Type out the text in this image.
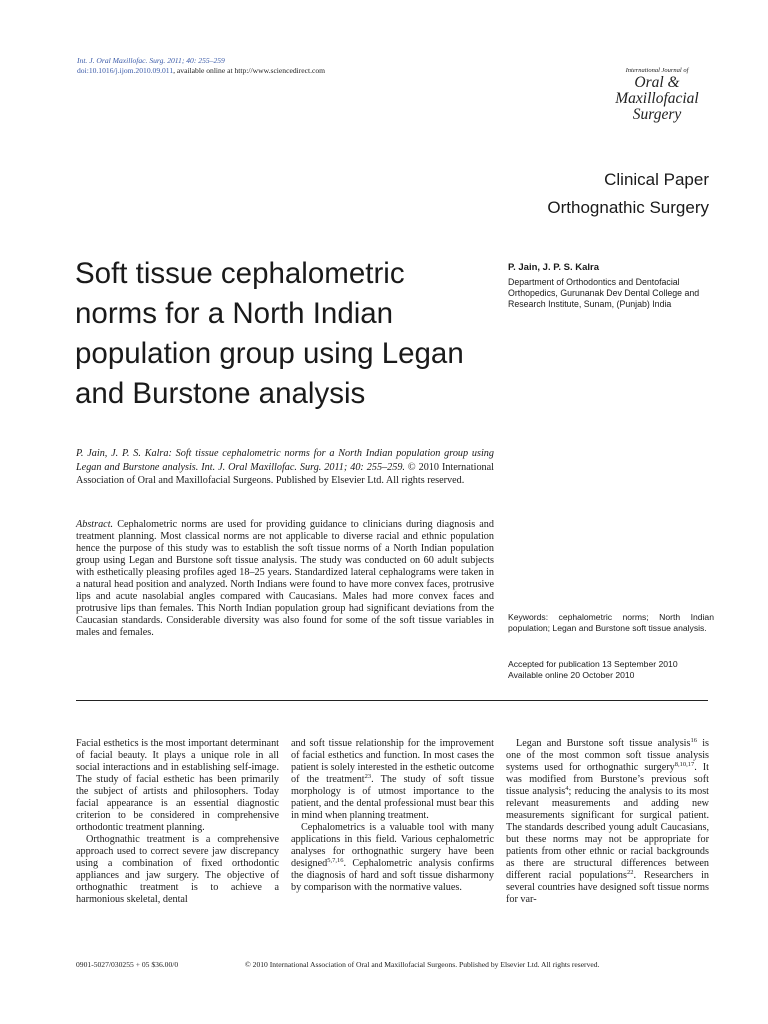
Int. J. Oral Maxillofac. Surg. 2011; 40: 255–259
doi:10.1016/j.ijom.2010.09.011, available online at http://www.sciencedirect.com	International Journal of
Oral &
Maxillofacial
Surgery
Clinical Paper
Orthognathic Surgery
Soft tissue cephalometric norms for a North Indian population group using Legan and Burstone analysis
P. Jain, J. P. S. Kalra
Department of Orthodontics and Dentofacial Orthopedics, Gurunanak Dev Dental College and Research Institute, Sunam, (Punjab) India
P. Jain, J. P. S. Kalra: Soft tissue cephalometric norms for a North Indian population group using Legan and Burstone analysis. Int. J. Oral Maxillofac. Surg. 2011; 40: 255–259. © 2010 International Association of Oral and Maxillofacial Surgeons. Published by Elsevier Ltd. All rights reserved.
Abstract. Cephalometric norms are used for providing guidance to clinicians during diagnosis and treatment planning. Most classical norms are not applicable to diverse racial and ethnic population hence the purpose of this study was to establish the soft tissue norms of a North Indian population group using Legan and Burstone soft tissue analysis. The study was conducted on 60 adult subjects with esthetically pleasing profiles aged 18–25 years. Standardized lateral cephalograms were taken in a natural head position and analyzed. North Indians were found to have more convex faces, protrusive lips and acute nasolabial angles compared with Caucasians. Males had more convex faces and protrusive lips than females. This North Indian population group had significant deviations from the Caucasian standards. Considerable diversity was also found for some of the soft tissue variables in males and females.
Keywords: cephalometric norms; North Indian population; Legan and Burstone soft tissue analysis.
Accepted for publication 13 September 2010
Available online 20 October 2010

Facial esthetics is the most important determinant of facial beauty. It plays a unique role in all social interactions and in establishing self-image. The study of facial esthetic has been primarily the subject of artists and philosophers. Today facial appearance is an essential diagnostic criterion to be considered in comprehensive orthodontic treatment planning.

Orthognathic treatment is a comprehensive approach used to correct severe jaw discrepancy using a combination of fixed orthodontic appliances and jaw surgery. The objective of orthognathic treatment is to achieve a harmonious skeletal, dental

and soft tissue relationship for the improvement of facial esthetics and function. In most cases the patient is solely interested in the esthetic outcome of the treatment$^{23}$. The study of soft tissue morphology is of utmost importance to the patient, and the dental professional must bear this in mind when planning treatment.

Cephalometrics is a valuable tool with many applications in this field. Various cephalometric analyses for orthognathic surgery have been designed$^{5,7,16}$. Cephalometric analysis confirms the diagnosis of hard and soft tissue disharmony by comparison with the normative values.

Legan and Burstone soft tissue analysis$^{16}$ is one of the most common soft tissue analysis systems used for orthognathic surgery$^{8,10,17}$. It was modified from Burstone’s previous soft tissue analysis$^4$; reducing the analysis to its most relevant measurements and adding new measurements significant for surgical patient. The standards described young adult Caucasians, but these norms may not be appropriate for patients from other ethnic or racial backgrounds as there are structural differences between different racial populations$^{22}$. Researchers in several countries have designed soft tissue norms for var-

0901-5027/030255 + 05 $36.00/0	© 2010 International Association of Oral and Maxillofacial Surgeons. Published by Elsevier Ltd. All rights reserved.
